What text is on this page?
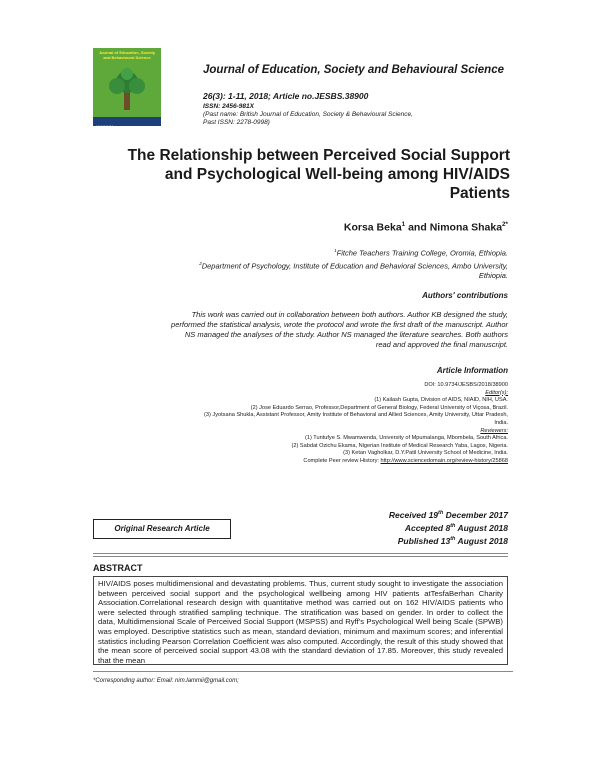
Journal of Education, Society and Behavioural Science
|||||||||||
Journal of Education, Society and Behavioural Science
26(3): 1-11, 2018; Article no.JESBS.38900
ISSN: 2456-981X
(Past name: British Journal of Education, Society & Behavioural Science,
Past ISSN: 2278-0998)
The Relationship between Perceived Social Support
and Psychological Well-being among HIV/AIDS
Patients
Korsa Beka$^1$ and Nimona Shaka$^{2*}$
$^1$Fitche Teachers Training College, Oromia, Ethiopia.
$^2$Department of Psychology, Institute of Education and Behavioral Sciences, Ambo University,
Ethiopia.
Authors' contributions
This work was carried out in collaboration between both authors. Author KB designed the study,
performed the statistical analysis, wrote the protocol and wrote the first draft of the manuscript. Author
NS managed the analyses of the study. Author NS managed the literature searches. Both authors
read and approved the final manuscript.
Article Information
DOI: 10.9734/JESBS/2018/38900
Editor(s):
(1) Kailash Gupta, Division of AIDS, NIAID, NIH, USA.
(2) Jose Eduardo Serrao, Professor,Department of General Biology, Federal University of Viçosa, Brazil.
(3) Jyotsana Shukla, Assistant Professor, Amity Institute of Behavioral and Allied Sciences, Amity University, Uttar Pradesh,
India.
Reviewers:
(1) Tuntufye S. Mwamwenda, University of Mpumalanga, Mbombela, South Africa.
(2) Sabdat Ozichu Ekama, Nigerian Institute of Medical Research Yaba, Lagos, Nigeria.
(3) Ketan Vagholkar, D.Y.Patil University School of Medicine, India.
Complete Peer review History: http://www.sciencedomain.org/review-history/25868
Original Research Article
Received 19th December 2017
Accepted 8th August 2018
Published 13th August 2018
ABSTRACT
HIV/AIDS poses multidimensional and devastating problems. Thus, current study sought to investigate the association between perceived social support and the psychological wellbeing among HIV patients atTesfaBerhan Charity Association.Correlational research design with quantitative method was carried out on 162 HIV/AIDS patients who were selected through stratified sampling technique. The stratification was based on gender. In order to collect the data, Multidimensional Scale of Perceived Social Support (MSPSS) and Ryff's Psychological Well being Scale (SPWB) was employed. Descriptive statistics such as mean, standard deviation, minimum and maximum scores; and inferential statistics including Pearson Correlation Coefficient was also computed. Accordingly, the result of this study showed that the mean score of perceived social support 43.08 with the standard deviation of 17.85. Moreover, this study revealed that the mean
*Corresponding author: Email: nim.lammii@gmail.com;
